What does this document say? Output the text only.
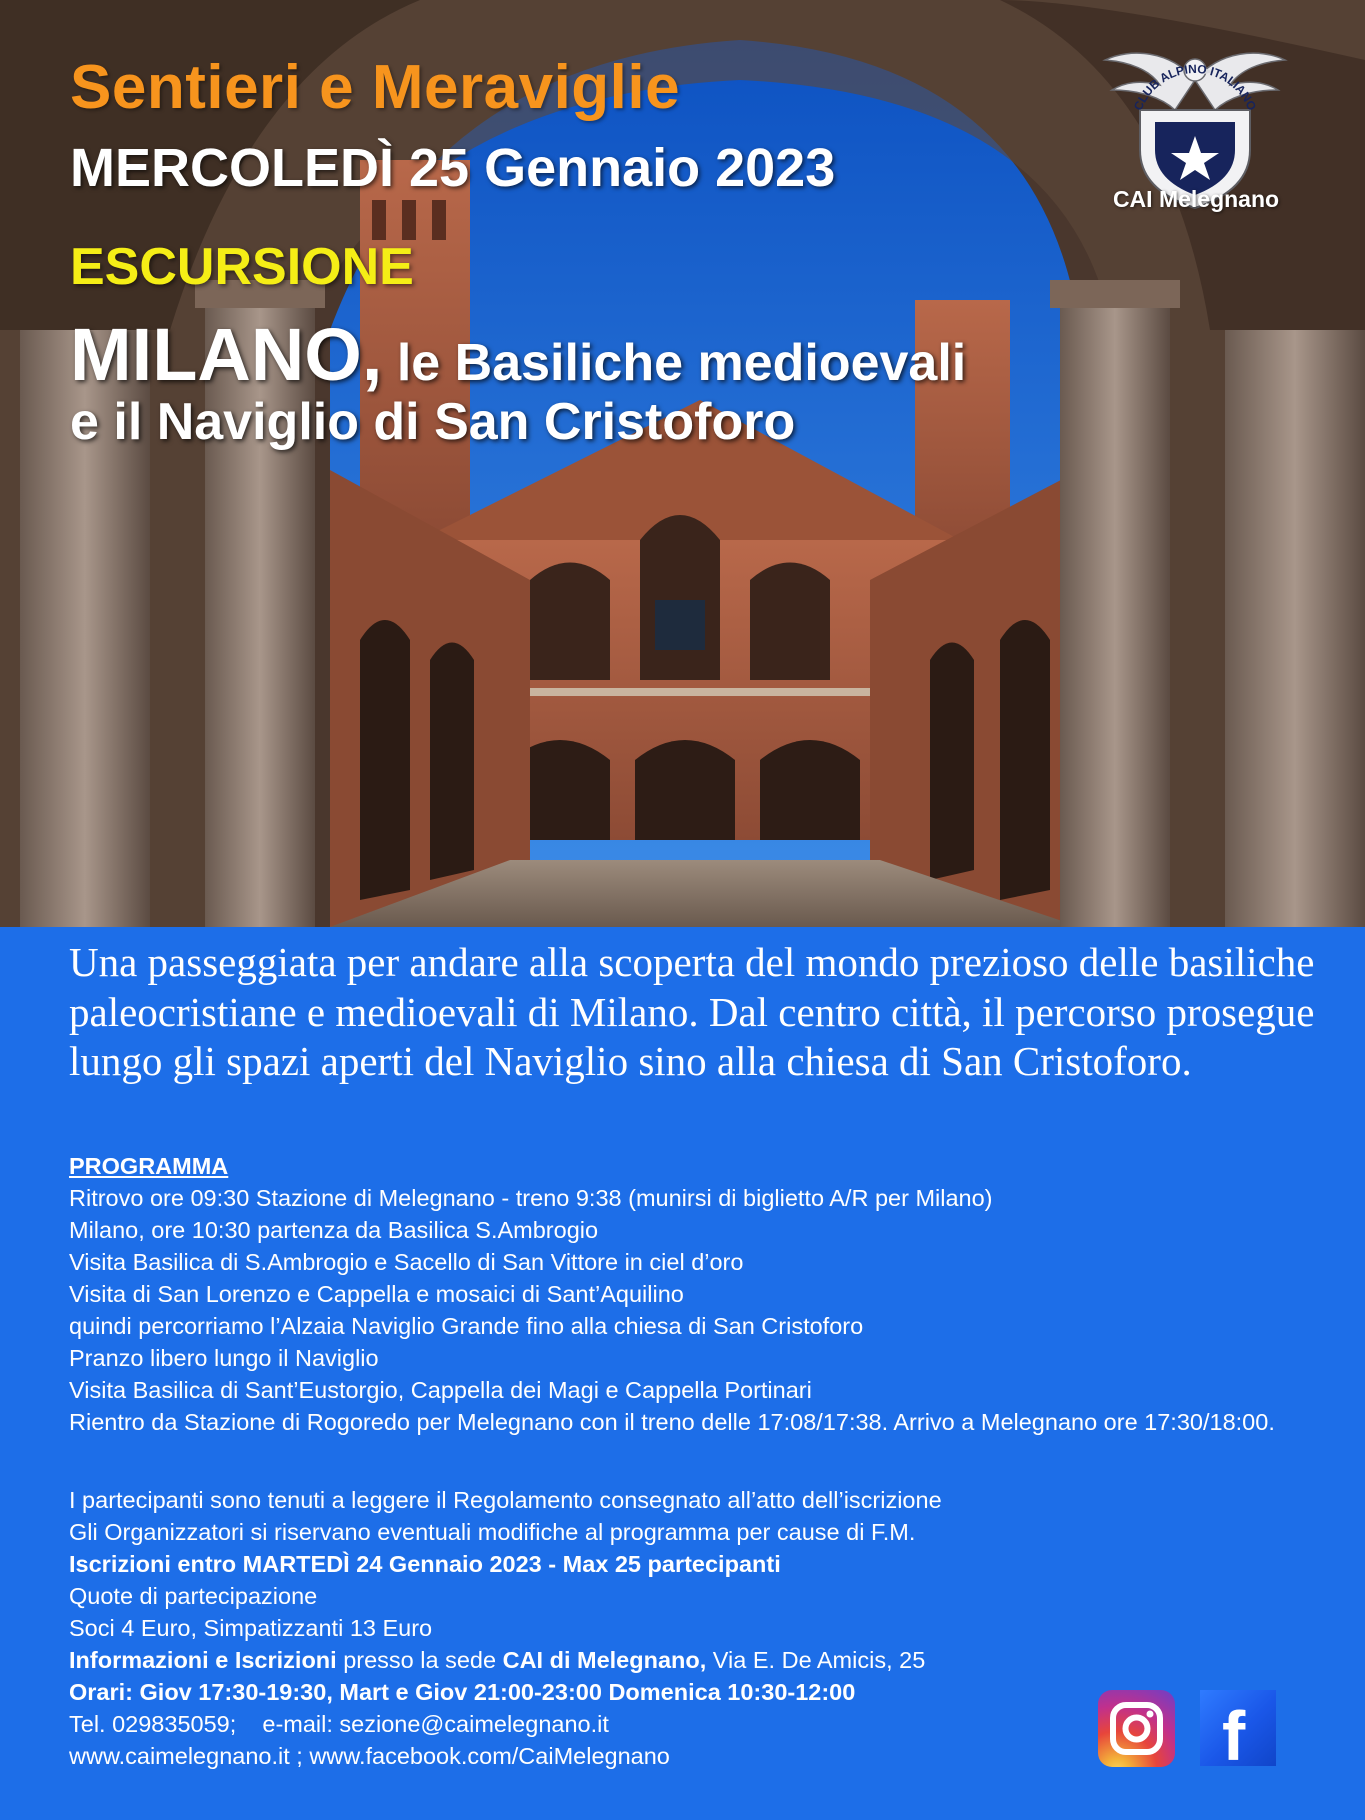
Sentieri e Meraviglie
MERCOLEDÌ 25 Gennaio 2023
ESCURSIONE
MILANO, le Basiliche medioevali
e il Naviglio di San Cristoforo
CLUB ALPINO ITALIANO
CAI Melegnano
Una passeggiata per andare alla scoperta del mondo prezioso delle basiliche paleocristiane e medioevali di Milano. Dal centro città, il percorso prosegue lungo gli spazi aperti del Naviglio sino alla chiesa di San Cristoforo.
PROGRAMMA
Ritrovo ore 09:30 Stazione di Melegnano - treno 9:38 (munirsi di biglietto A/R per Milano)
Milano, ore 10:30 partenza da Basilica S.Ambrogio
Visita Basilica di S.Ambrogio e Sacello di San Vittore in ciel d’oro
Visita di San Lorenzo e Cappella e mosaici di Sant’Aquilino
quindi percorriamo l’Alzaia Naviglio Grande fino alla chiesa di San Cristoforo
Pranzo libero lungo il Naviglio
Visita Basilica di Sant’Eustorgio, Cappella dei Magi e Cappella Portinari
Rientro da Stazione di Rogoredo per Melegnano con il treno delle 17:08/17:38. Arrivo a Melegnano ore 17:30/18:00.
I partecipanti sono tenuti a leggere il Regolamento consegnato all’atto dell’iscrizione
Gli Organizzatori si riservano eventuali modifiche al programma per cause di F.M.
Iscrizioni entro MARTEDÌ 24 Gennaio 2023 - Max 25 partecipanti
Quote di partecipazione
Soci 4 Euro, Simpatizzanti 13 Euro
Informazioni e Iscrizioni presso la sede CAI di Melegnano, Via E. De Amicis, 25
Orari: Giov 17:30-19:30, Mart e Giov 21:00-23:00 Domenica 10:30-12:00
Tel. 029835059;    e-mail: sezione@caimelegnano.it
www.caimelegnano.it ; www.facebook.com/CaiMelegnano	f
